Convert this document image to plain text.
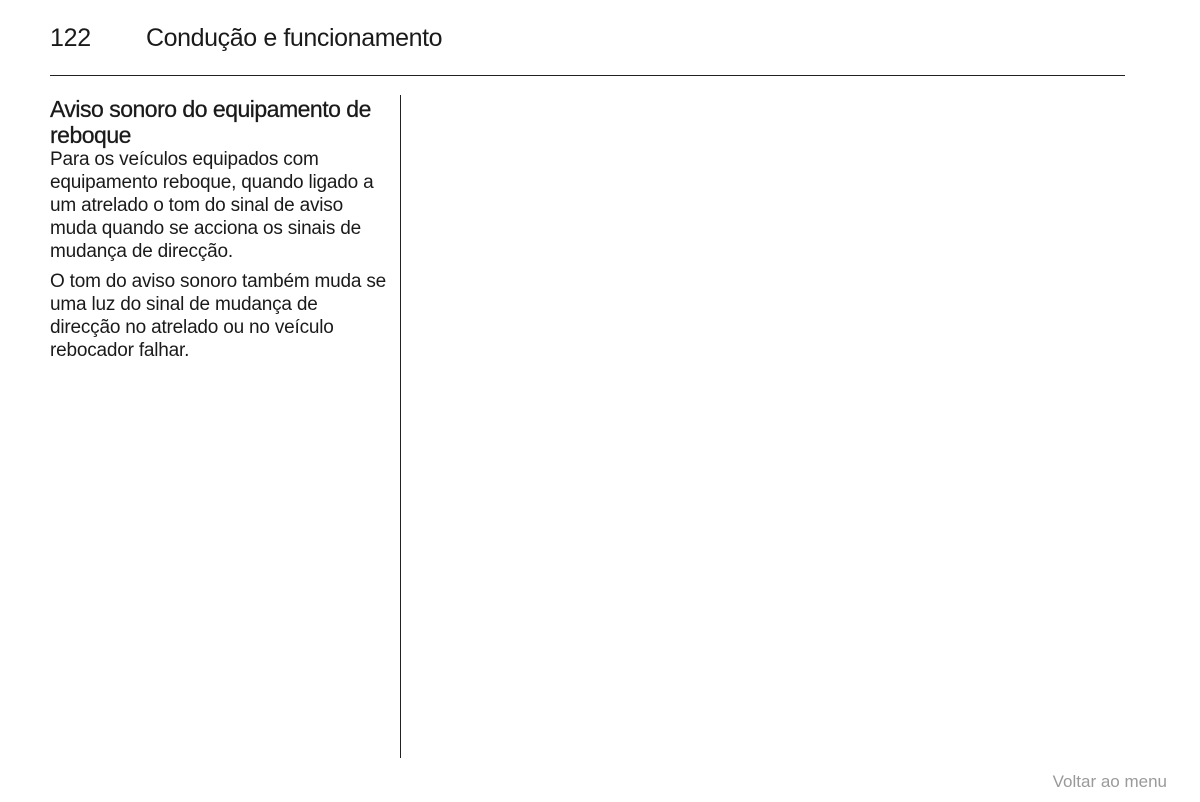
122	Condução e funcionamento
Aviso sonoro do equipamento de reboque

Para os veículos equipados com equipamento reboque, quando ligado a um atrelado o tom do sinal de aviso muda quando se acciona os sinais de mudança de direcção.

O tom do aviso sonoro também muda se uma luz do sinal de mudança de direcção no atrelado ou no veículo rebocador falhar.

Voltar ao menu
